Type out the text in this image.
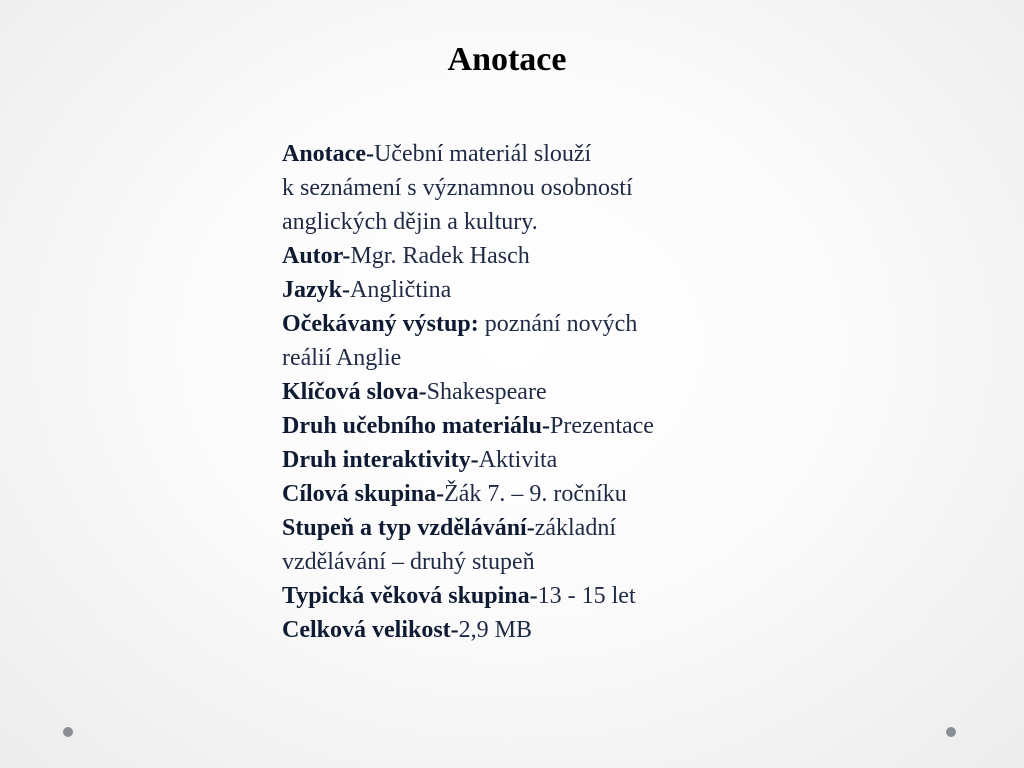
Anotace

Anotace-Učební materiál slouží
k seznámení s významnou osobností
anglických dějin a kultury.

Autor-Mgr. Radek Hasch

Jazyk-Angličtina

Očekávaný výstup: poznání nových
reálií Anglie

Klíčová slova-Shakespeare

Druh učebního materiálu-Prezentace

Druh interaktivity-Aktivita

Cílová skupina-Žák 7. – 9. ročníku

Stupeň a typ vzdělávání-základní
vzdělávání – druhý stupeň

Typická věková skupina-13 - 15 let

Celková velikost-2,9 MB
